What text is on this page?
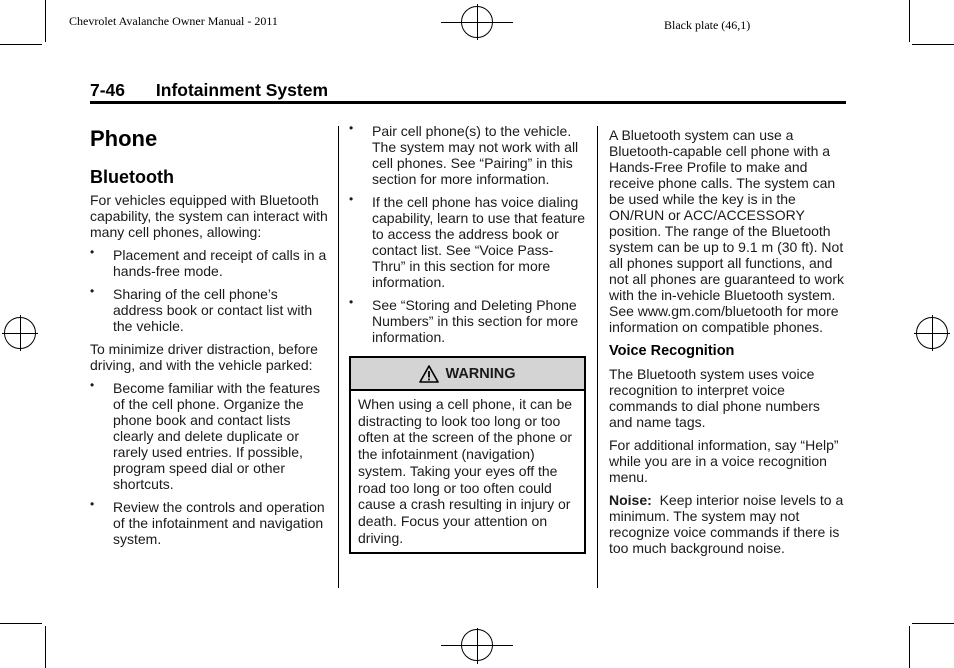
Chevrolet Avalanche Owner Manual - 2011	Black plate (46,1)
7-46 Infotainment System
Phone
Bluetooth

For vehicles equipped with Bluetooth capability, the system can interact with many cell phones, allowing:

• Placement and receipt of calls in a hands-free mode.
• Sharing of the cell phone’s address book or contact list with the vehicle.

To minimize driver distraction, before driving, and with the vehicle parked:

• Become familiar with the features of the cell phone. Organize the phone book and contact lists clearly and delete duplicate or rarely used entries. If possible, program speed dial or other shortcuts.
• Review the controls and operation of the infotainment and navigation system.
• Pair cell phone(s) to the vehicle. The system may not work with all cell phones. See “Pairing” in this section for more information.
• If the cell phone has voice dialing capability, learn to use that feature to access the address book or contact list. See “Voice Pass-Thru” in this section for more information.
• See “Storing and Deleting Phone Numbers” in this section for more information.
WARNING
When using a cell phone, it can be distracting to look too long or too often at the screen of the phone or the infotainment (navigation) system. Taking your eyes off the road too long or too often could cause a crash resulting in injury or death. Focus your attention on driving.

A Bluetooth system can use a Bluetooth-capable cell phone with a Hands-Free Profile to make and receive phone calls. The system can be used while the key is in the ON/RUN or ACC/ACCESSORY position. The range of the Bluetooth system can be up to 9.1 m (30 ft). Not all phones support all functions, and not all phones are guaranteed to work with the in-vehicle Bluetooth system. See www.gm.com/bluetooth for more information on compatible phones.

Voice Recognition

The Bluetooth system uses voice recognition to interpret voice commands to dial phone numbers and name tags.

For additional information, say “Help” while you are in a voice recognition menu.

Noise: Keep interior noise levels to a minimum. The system may not recognize voice commands if there is too much background noise.
